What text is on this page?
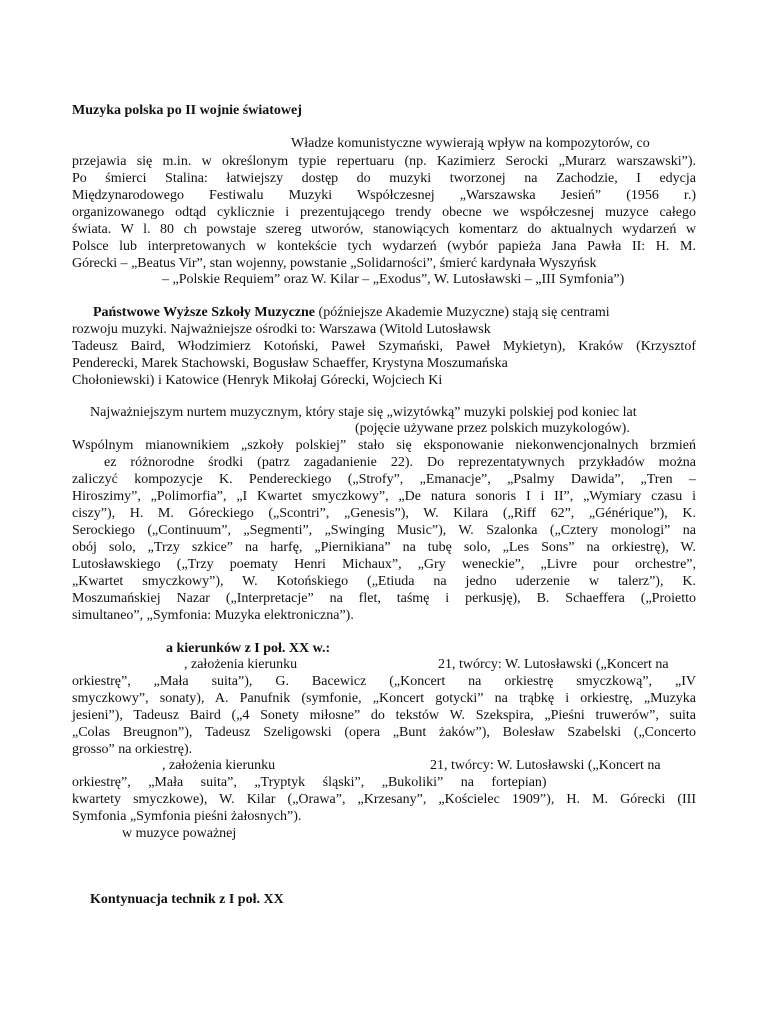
Muzyka polska po II wojnie światowej
Władze komunistyczne wywierają wpływ na kompozytorów, co
przejawia się m.in. w określonym typie repertuaru (np. Kazimierz Serocki „Murarz warszawski”).
Po śmierci Stalina: łatwiejszy dostęp do muzyki tworzonej na Zachodzie, I edycja
Międzynarodowego Festiwalu Muzyki Współczesnej „Warszawska Jesień” (1956 r.)
organizowanego odtąd cyklicznie i prezentującego trendy obecne we współczesnej muzyce całego
świata. W l. 80 ch powstaje szereg utworów, stanowiących komentarz do aktualnych wydarzeń w
Polsce lub interpretowanych w kontekście tych wydarzeń (wybór papieża Jana Pawła II: H. M.
Górecki – „Beatus Vir”, stan wojenny, powstanie „Solidarności”, śmierć kardynała Wyszyńsk
– „Polskie Requiem” oraz W. Kilar – „Exodus”, W. Lutosławski – „III Symfonia”)
Państwowe Wyższe Szkoły Muzyczne (późniejsze Akademie Muzyczne) stają się centrami
rozwoju muzyki. Najważniejsze ośrodki to: Warszawa (Witold Lutosławsk
Tadeusz Baird, Włodzimierz Kotoński, Paweł Szymański, Paweł Mykietyn), Kraków (Krzysztof
Penderecki, Marek Stachowski, Bogusław Schaeffer, Krystyna Moszumańska
Chołoniewski) i Katowice (Henryk Mikołaj Górecki, Wojciech Ki
Najważniejszym nurtem muzycznym, który staje się „wizytówką” muzyki polskiej pod koniec lat
(pojęcie używane przez polskich muzykologów).
Wspólnym mianownikiem „szkoły polskiej” stało się eksponowanie niekonwencjonalnych brzmień
ez różnorodne środki (patrz zagadanienie 22). Do reprezentatywnych przykładów można
zaliczyć kompozycje K. Pendereckiego („Strofy”, „Emanacje”, „Psalmy Dawida”, „Tren –
Hiroszimy”, „Polimorfia”, „I Kwartet smyczkowy”, „De natura sonoris I i II”, „Wymiary czasu i
ciszy”), H. M. Góreckiego („Scontri”, „Genesis”), W. Kilara („Riff 62”, „Générique”), K.
Serockiego („Continuum”, „Segmenti”, „Swinging Music”), W. Szalonka („Cztery monologi” na
obój solo, „Trzy szkice” na harfę, „Piernikiana” na tubę solo, „Les Sons” na orkiestrę), W.
Lutosławskiego („Trzy poematy Henri Michaux”, „Gry weneckie”, „Livre pour orchestre”,
„Kwartet smyczkowy”), W. Kotońskiego („Etiuda na jedno uderzenie w talerz”), K.
Moszumańskiej Nazar („Interpretacje” na flet, taśmę i perkusję), B. Schaeffera („Proietto
simultaneo”, „Symfonia: Muzyka elektroniczna”).
a kierunków z I poł. XX w.:
, założenia kierunku	21, twórcy: W. Lutosławski („Koncert na
orkiestrę”, „Mała suita”), G. Bacewicz („Koncert na orkiestrę smyczkową”, „IV
smyczkowy”, sonaty), A. Panufnik (symfonie, „Koncert gotycki” na trąbkę i orkiestrę, „Muzyka
jesieni”), Tadeusz Baird („4 Sonety miłosne” do tekstów W. Szekspira, „Pieśni truwerów”, suita
„Colas Breugnon”), Tadeusz Szeligowski (opera „Bunt żaków”), Bolesław Szabelski („Concerto
grosso” na orkiestrę).
, założenia kierunku	21, twórcy: W. Lutosławski („Koncert na
orkiestrę”, „Mała suita”, „Tryptyk śląski”, „Bukoliki” na fortepian)
kwartety smyczkowe), W. Kilar („Orawa”, „Krzesany”, „Kościelec 1909”), H. M. Górecki (III
Symfonia „Symfonia pieśni żałosnych”).
w muzyce poważnej
Kontynuacja technik z I poł. XX
